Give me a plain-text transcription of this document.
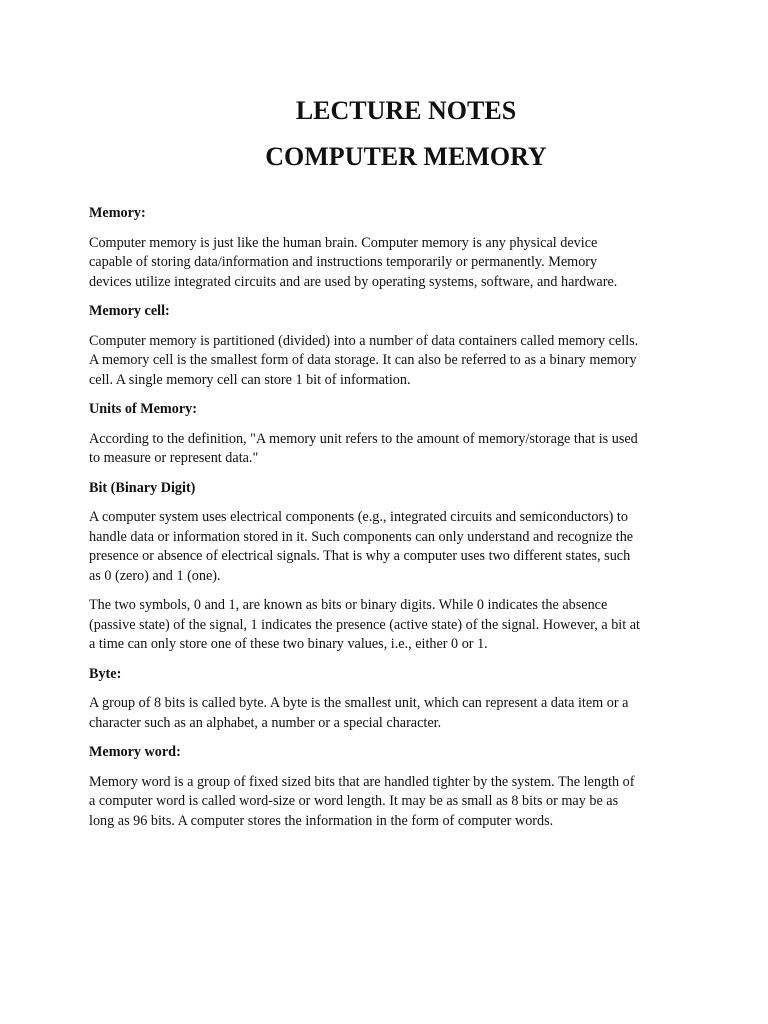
LECTURE NOTES
COMPUTER MEMORY
Memory:
Computer memory is just like the human brain. Computer memory is any physical device
capable of storing data/information and instructions temporarily or permanently. Memory
devices utilize integrated circuits and are used by operating systems, software, and hardware.
Memory cell:
Computer memory is partitioned (divided) into a number of data containers called memory cells.
A memory cell is the smallest form of data storage. It can also be referred to as a binary memory
cell. A single memory cell can store 1 bit of information.
Units of Memory:
According to the definition, "A memory unit refers to the amount of memory/storage that is used
to measure or represent data."
Bit (Binary Digit)
A computer system uses electrical components (e.g., integrated circuits and semiconductors) to
handle data or information stored in it. Such components can only understand and recognize the
presence or absence of electrical signals. That is why a computer uses two different states, such
as 0 (zero) and 1 (one).
The two symbols, 0 and 1, are known as bits or binary digits. While 0 indicates the absence
(passive state) of the signal, 1 indicates the presence (active state) of the signal. However, a bit at
a time can only store one of these two binary values, i.e., either 0 or 1.
Byte:
A group of 8 bits is called byte. A byte is the smallest unit, which can represent a data item or a
character such as an alphabet, a number or a special character.
Memory word:
Memory word is a group of fixed sized bits that are handled tighter by the system. The length of
a computer word is called word-size or word length. It may be as small as 8 bits or may be as
long as 96 bits. A computer stores the information in the form of computer words.
